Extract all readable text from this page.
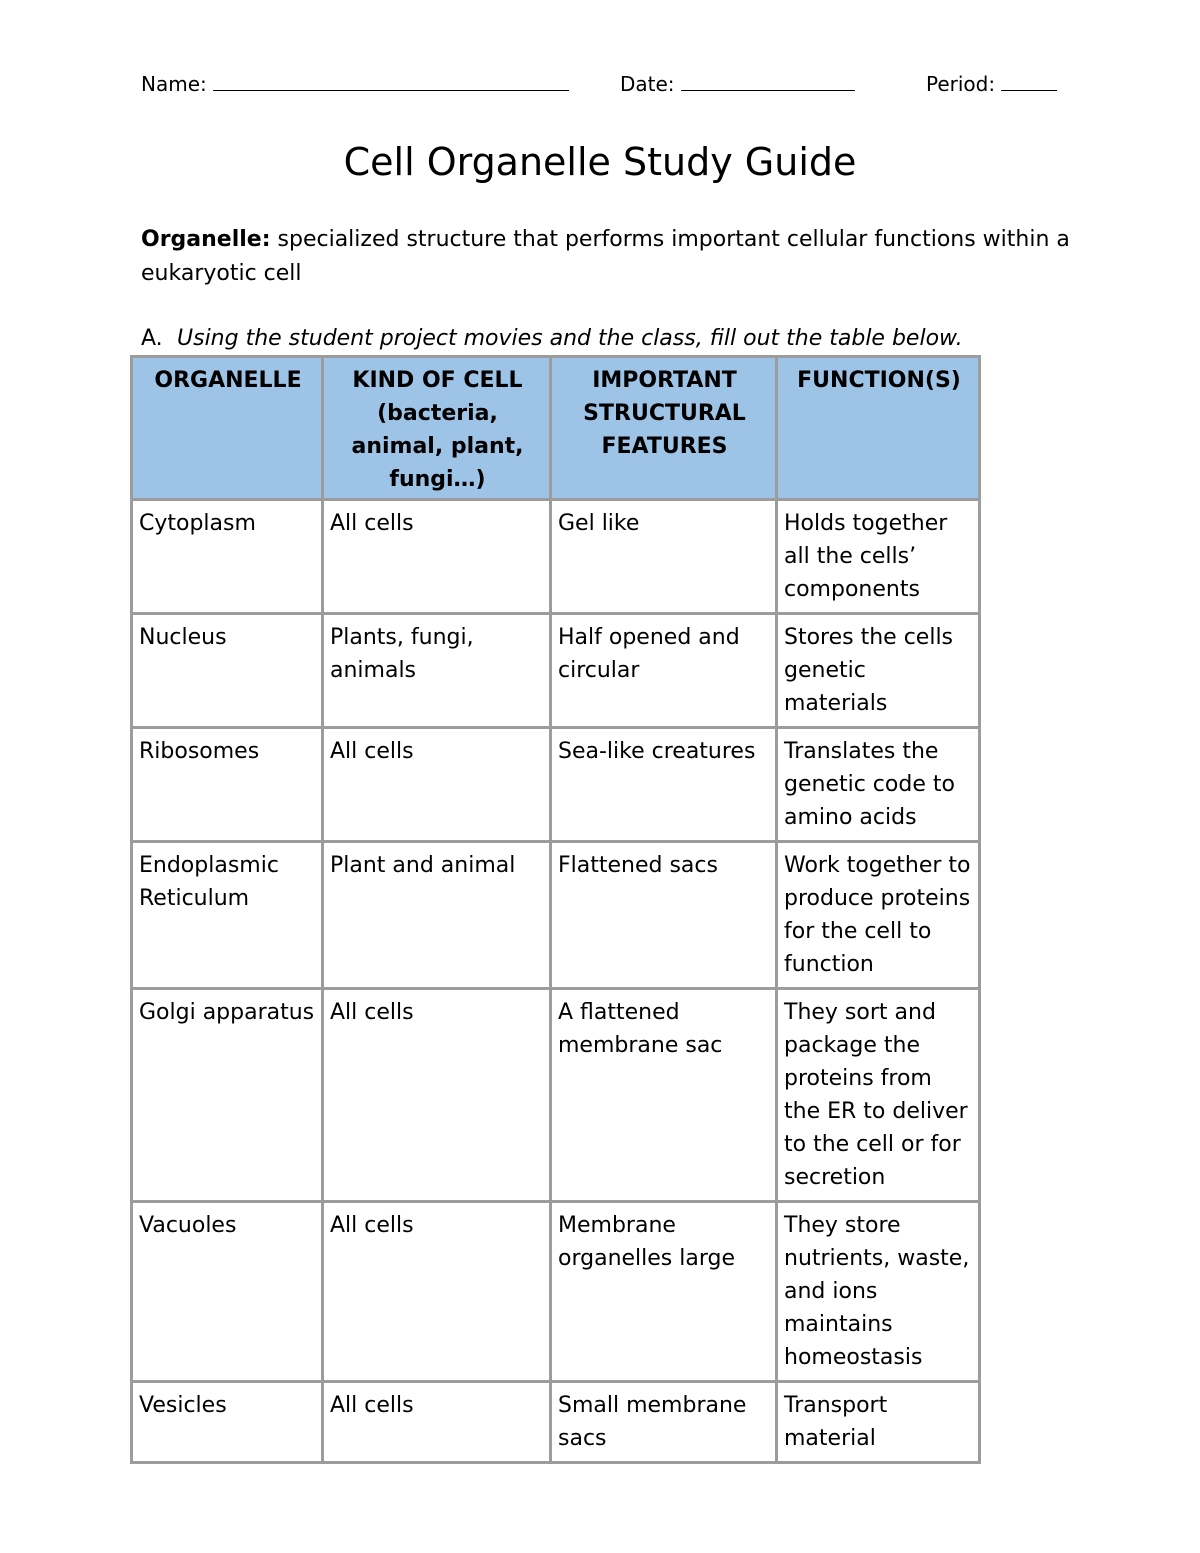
Name:	Date:	Period:
Cell Organelle Study Guide
Organelle: specialized structure that performs important cellular functions within a eukaryotic cell
A. Using the student project movies and the class, fill out the table below.
ORGANELLE	KIND OF CELL (bacteria, animal, plant, fungi…)	IMPORTANT STRUCTURAL FEATURES	FUNCTION(S)
Cytoplasm	All cells	Gel like	Holds together all the cells’ components
Nucleus	Plants, fungi, animals	Half opened and circular	Stores the cells genetic materials
Ribosomes	All cells	Sea-like creatures	Translates the genetic code to amino acids
Endoplasmic Reticulum	Plant and animal	Flattened sacs	Work together to produce proteins for the cell to function
Golgi apparatus	All cells	A flattened membrane sac	They sort and package the proteins from the ER to deliver to the cell or for secretion
Vacuoles	All cells	Membrane organelles large	They store nutrients, waste, and ions maintains homeostasis
Vesicles	All cells	Small membrane sacs	Transport material
